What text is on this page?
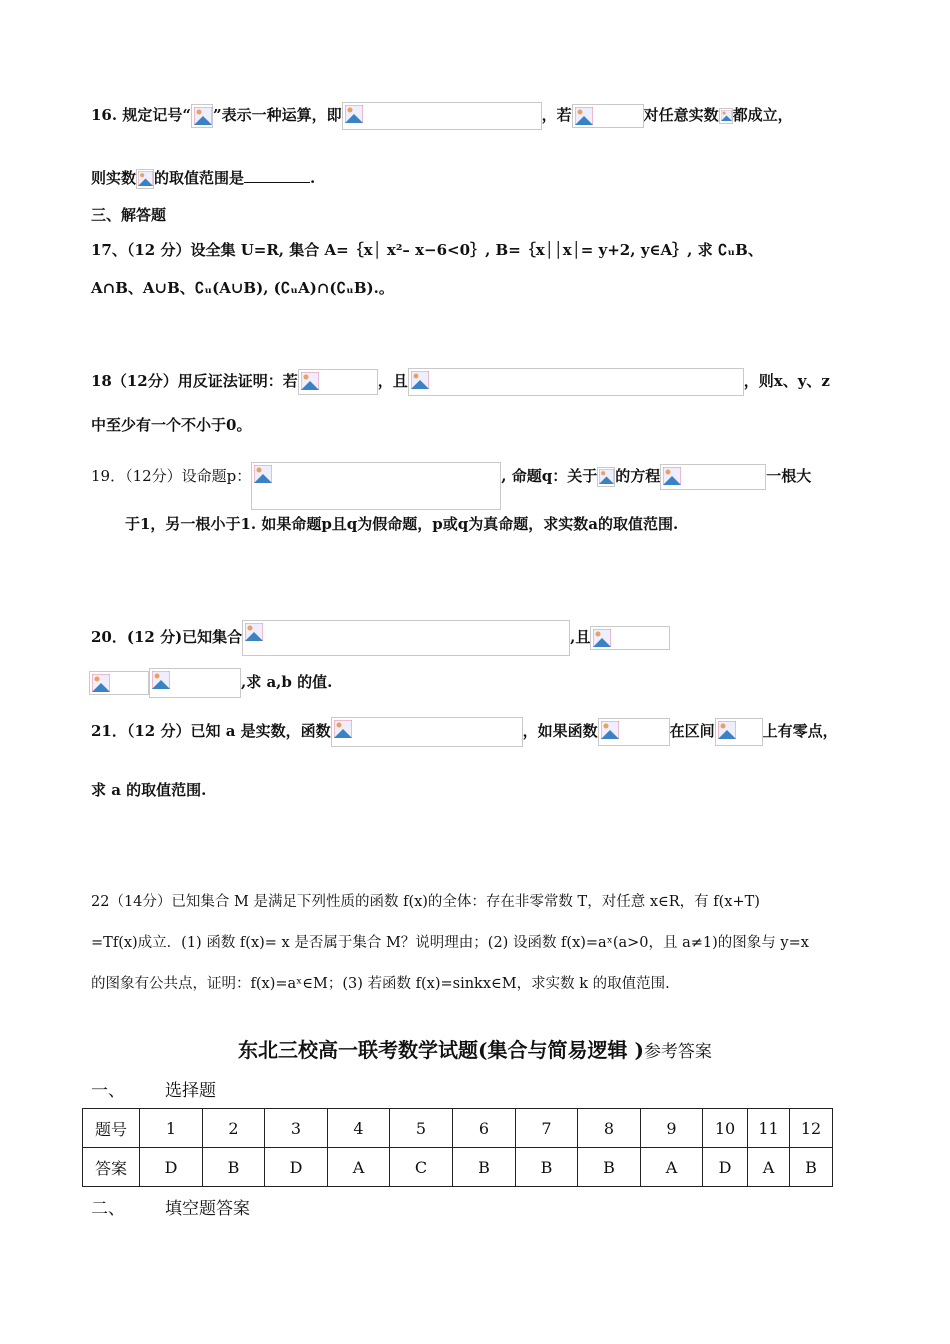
16. 规定记号“ ”表示一种运算，即	，若	对任意实数 都成立，
则实数 的取值范围是	.
三、解答题
17、（12 分）设全集 U=R, 集合 A=｛x│ x²– x−6<0｝, B=｛x││x│= y+2, y∈A｝, 求 ∁ᵤB、
A∩B、A∪B、∁ᵤ(A∪B), (∁ᵤA)∩(∁ᵤB).。
18（12分）用反证法证明：若	，且	，则x、y、z
中至少有一个不小于0。
19．（12分）设命题p：	, 命题q：关于 的方程	一根大
于1，另一根小于1. 如果命题p且q为假命题，p或q为真命题，求实数a的取值范围.
20．(12 分)已知集合	,且
,求 a,b 的值.
21．（12 分）已知 a 是实数，函数	，如果函数	在区间	上有零点，
求 a 的取值范围.
22（14分）已知集合 M 是满足下列性质的函数 f(x)的全体：存在非零常数 T，对任意 x∈R，有 f(x+T)
=Tf(x)成立．(1) 函数 f(x)= x 是否属于集合 M？说明理由；(2) 设函数 f(x)=aˣ(a>0，且 a≠1)的图象与 y=x
的图象有公共点，证明：f(x)=aˣ∈M；(3) 若函数 f(x)=sinkx∈M，求实数 k 的取值范围.
东北三校高一联考数学试题(集合与简易逻辑 )参考答案
一、 选择题
题号	1	2	3	4	5	6	7	8	9	10	11	12
答案	D	B	D	A	C	B	B	B	A	D	A	B
二、 填空题答案
